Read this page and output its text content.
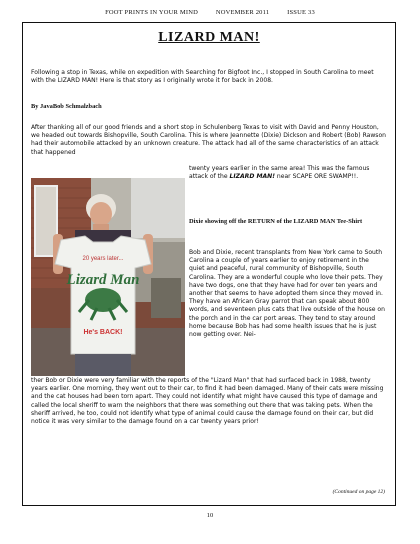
FOOT PRINTS IN YOUR MIND	NOVEMBER 2011	ISSUE 33
LIZARD MAN!
Following a stop in Texas, while on expedition with Searching for Bigfoot Inc., I stopped in South Carolina to meet with the LIZARD MAN! Here is that story as I originally wrote it for back in 2008.
By JavaBob Schmalzbach
After thanking all of our good friends and a short stop in Schulenberg Texas to visit with David and Penny Houston, we headed out towards Bishopville, South Carolina. This is where Jeannette (Dixie) Dickson and Robert (Bob) Rawson had their automobile attacked by an unknown creature. The attack had all of the same characteristics of an attack that happened
twenty years earlier in the same area! This was the famous attack of the LIZARD MAN! near SCAPE ORE SWAMP!!.
20 years later...
Lizard Man
He's BACK!
Dixie showing off the RETURN of the LIZARD MAN Tee-Shirt
Bob and Dixie, recent transplants from New York came to South Carolina a couple of years earlier to enjoy retirement in the quiet and peaceful, rural community of Bishopville, South Carolina. They are a wonderful couple who love their pets. They have two dogs, one that they have had for over ten years and another that seems to have adopted them since they moved in. They have an African Gray parrot that can speak about 800 words, and seventeen plus cats that live outside of the house on the porch and in the car port areas. They tend to stay around home because Bob has had some health issues that he is just now getting over. Nei-
ther Bob or Dixie were very familiar with the reports of the "Lizard Man" that had surfaced back in 1988, twenty years earlier. One morning, they went out to their car, to find it had been damaged. Many of their cats were missing and the cat houses had been torn apart. They could not identify what might have caused this type of damage and called the local sheriff to warn the neighbors that there was something out there that was taking pets. When the sheriff arrived, he too, could not identify what type of animal could cause the damage found on their car, but did notice it was very similar to the damage found on a car twenty years prior!
(Continued on page 12)
10
